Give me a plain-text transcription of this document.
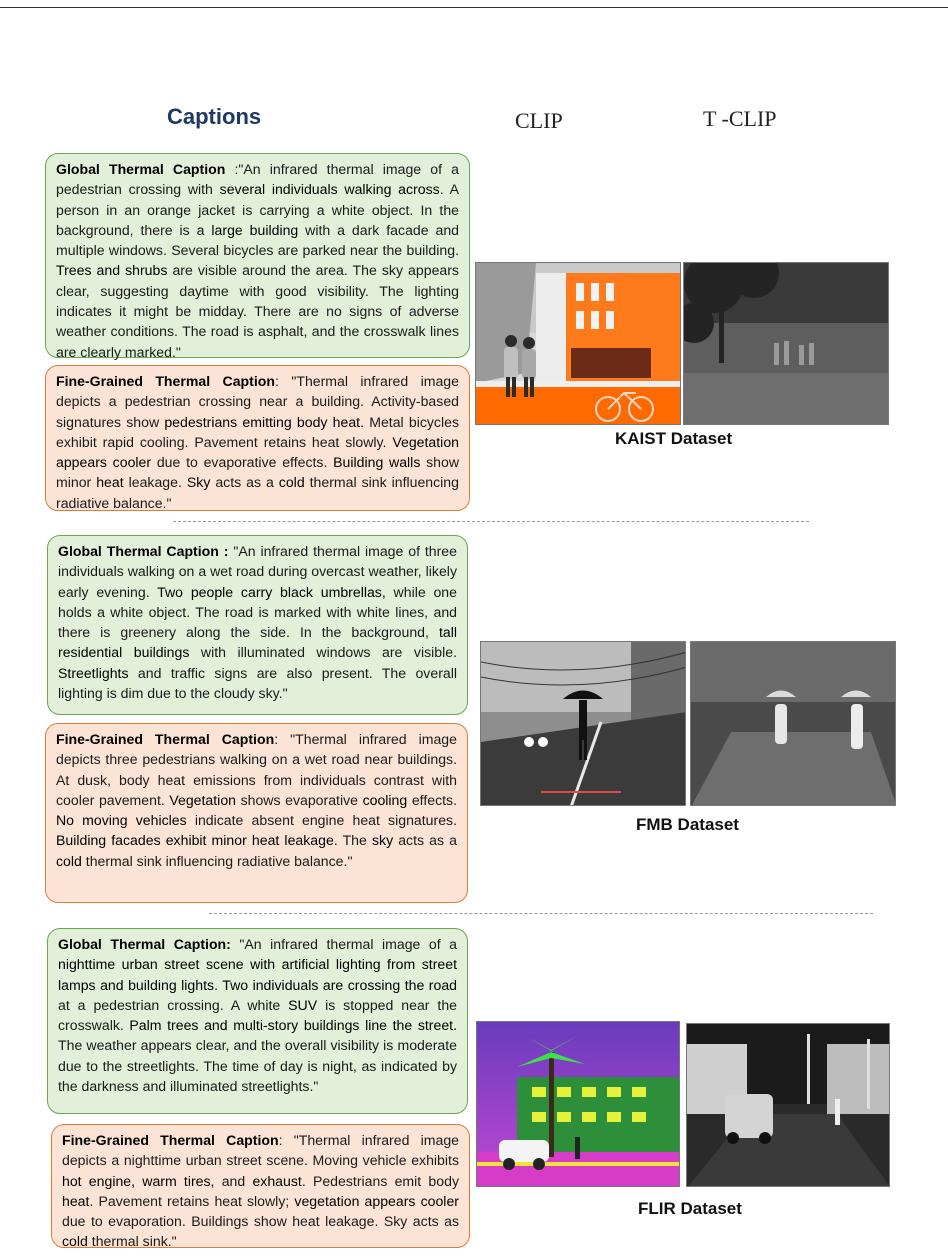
Captions	CLIP	T -CLIP
Global Thermal Caption :"An infrared thermal image of a pedestrian crossing with several individuals walking across. A person in an orange jacket is carrying a white object. In the background, there is a large building with a dark facade and multiple windows. Several bicycles are parked near the building. Trees and shrubs are visible around the area. The sky appears clear, suggesting daytime with good visibility. The lighting indicates it might be midday. There are no signs of adverse weather conditions. The road is asphalt, and the crosswalk lines are clearly marked."
Fine-Grained Thermal Caption: "Thermal infrared image depicts a pedestrian crossing near a building. Activity-based signatures show pedestrians emitting body heat. Metal bicycles exhibit rapid cooling. Pavement retains heat slowly. Vegetation appears cooler due to evaporative effects. Building walls show minor heat leakage. Sky acts as a cold thermal sink influencing radiative balance."
KAIST Dataset
Global Thermal Caption : "An infrared thermal image of three individuals walking on a wet road during overcast weather, likely early evening. Two people carry black umbrellas, while one holds a white object. The road is marked with white lines, and there is greenery along the side. In the background, tall residential buildings with illuminated windows are visible. Streetlights and traffic signs are also present. The overall lighting is dim due to the cloudy sky."
Fine-Grained Thermal Caption: "Thermal infrared image depicts three pedestrians walking on a wet road near buildings. At dusk, body heat emissions from individuals contrast with cooler pavement. Vegetation shows evaporative cooling effects. No moving vehicles indicate absent engine heat signatures. Building facades exhibit minor heat leakage. The sky acts as a cold thermal sink influencing radiative balance."
FMB Dataset
Global Thermal Caption: "An infrared thermal image of a nighttime urban street scene with artificial lighting from street lamps and building lights. Two individuals are crossing the road at a pedestrian crossing. A white SUV is stopped near the crosswalk. Palm trees and multi-story buildings line the street. The weather appears clear, and the overall visibility is moderate due to the streetlights. The time of day is night, as indicated by the darkness and illuminated streetlights."
Fine-Grained Thermal Caption: "Thermal infrared image depicts a nighttime urban street scene. Moving vehicle exhibits hot engine, warm tires, and exhaust. Pedestrians emit body heat. Pavement retains heat slowly; vegetation appears cooler due to evaporation. Buildings show heat leakage. Sky acts as cold thermal sink."
FLIR Dataset
